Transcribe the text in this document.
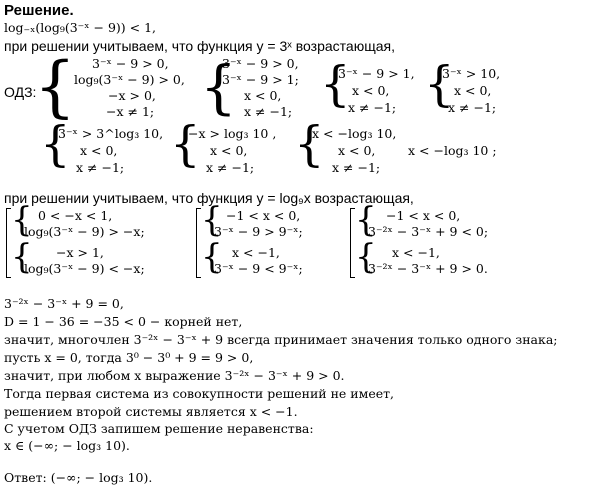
Решение.
log₋ₓ(log₉(3⁻ˣ − 9)) < 1,
при решении учитываем, что функция y = 3ˣ возрастающая,
ОДЗ:
{ 3⁻ˣ − 9 > 0,
log₉(3⁻ˣ − 9) > 0,
−x > 0,
−x ≠ 1; {
3⁻ˣ − 9 > 0,
3⁻ˣ − 9 > 1;
x < 0,
x ≠ −1; {
3⁻ˣ − 9 > 1,
x < 0,
x ≠ −1; {
3⁻ˣ > 10,
x < 0,
x ≠ −1;
{
3⁻ˣ > 3^log₃ 10,
x < 0,
x ≠ −1; {
−x > log₃ 10 ,
x < 0,
x ≠ −1; {
x < −log₃ 10,
x < 0,
x ≠ −1;
x < −log₃ 10 ;
при решении учитываем, что функция y = log₉x возрастающая,
{ 0 < −x < 1,
log₉(3⁻ˣ − 9) > −x;
{ −x > 1,
log₉(3⁻ˣ − 9) < −x;
{ −1 < x < 0,
3⁻ˣ − 9 > 9⁻ˣ;
{ x < −1,
3⁻ˣ − 9 < 9⁻ˣ;
{ −1 < x < 0,
3⁻²ˣ − 3⁻ˣ + 9 < 0;
{ x < −1,
3⁻²ˣ − 3⁻ˣ + 9 > 0.
3⁻²ˣ − 3⁻ˣ + 9 = 0,
D = 1 − 36 = −35 < 0 − корней нет,
значит, многочлен 3⁻²ˣ − 3⁻ˣ + 9 всегда принимает значения только одного знака;
пусть x = 0, тогда 3⁰ − 3⁰ + 9 = 9 > 0,
значит, при любом x выражение 3⁻²ˣ − 3⁻ˣ + 9 > 0.
Тогда первая система из совокупности решений не имеет,
решением второй системы является x < −1.
С учетом ОДЗ запишем решение неравенства:
x ∈ (−∞; − log₃ 10).
Ответ: (−∞; − log₃ 10).
